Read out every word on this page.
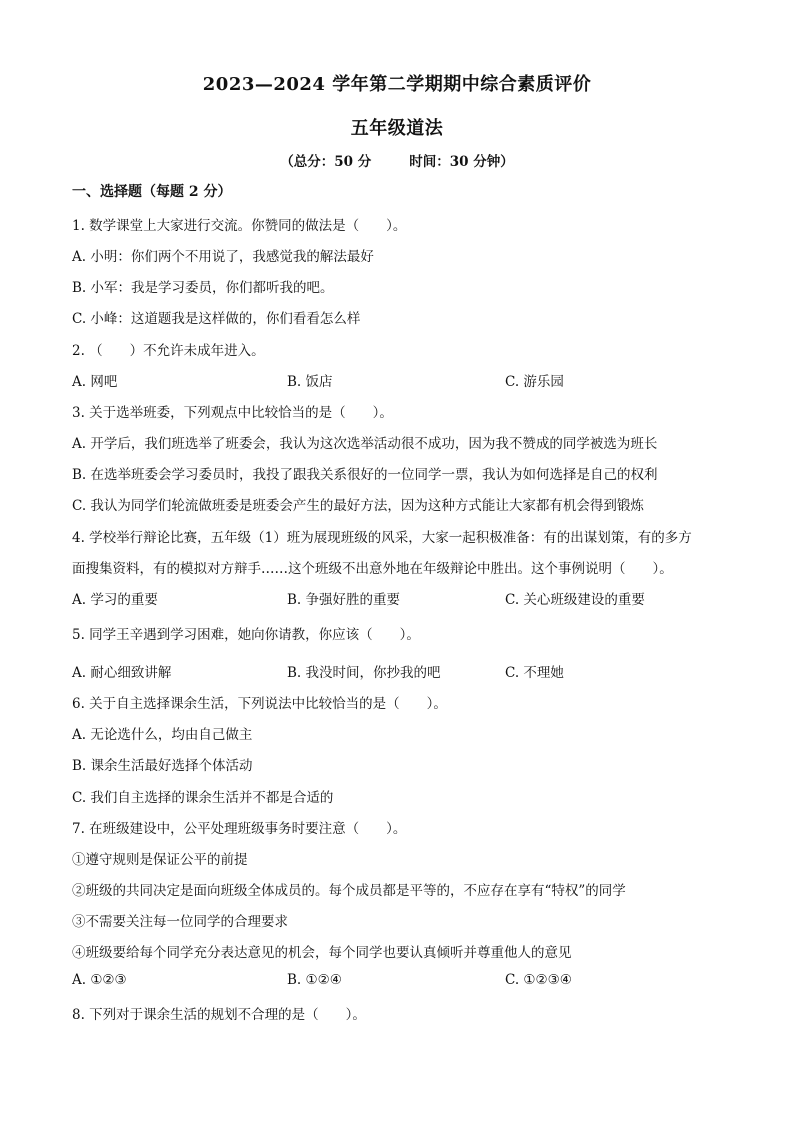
2023—2024 学年第二学期期中综合素质评价
五年级道法
（总分：50 分	时间：30 分钟）
一、选择题（每题 2 分）
1. 数学课堂上大家进行交流。你赞同的做法是（　　）。
A. 小明：你们两个不用说了，我感觉我的解法最好
B. 小军：我是学习委员，你们都听我的吧。
C. 小峰：这道题我是这样做的，你们看看怎么样
2. （　　）不允许未成年进入。
A. 网吧	B. 饭店	C. 游乐园
3. 关于选举班委，下列观点中比较恰当的是（　　）。
A. 开学后，我们班选举了班委会，我认为这次选举活动很不成功，因为我不赞成的同学被选为班长
B. 在选举班委会学习委员时，我投了跟我关系很好的一位同学一票，我认为如何选择是自己的权利
C. 我认为同学们轮流做班委是班委会产生的最好方法，因为这种方式能让大家都有机会得到锻炼
4. 学校举行辩论比赛，五年级（1）班为展现班级的风采，大家一起积极准备：有的出谋划策，有的多方
面搜集资料，有的模拟对方辩手……这个班级不出意外地在年级辩论中胜出。这个事例说明（　　）。
A. 学习的重要	B. 争强好胜的重要	C. 关心班级建设的重要
5. 同学王辛遇到学习困难，她向你请教，你应该（　　）。
A. 耐心细致讲解	B. 我没时间，你抄我的吧	C. 不理她
6. 关于自主选择课余生活，下列说法中比较恰当的是（　　）。
A. 无论选什么，均由自己做主
B. 课余生活最好选择个体活动
C. 我们自主选择的课余生活并不都是合适的
7. 在班级建设中，公平处理班级事务时要注意（　　）。
①遵守规则是保证公平的前提
②班级的共同决定是面向班级全体成员的。每个成员都是平等的，不应存在享有“特权”的同学
③不需要关注每一位同学的合理要求
④班级要给每个同学充分表达意见的机会，每个同学也要认真倾听并尊重他人的意见
A. ①②③	B. ①②④	C. ①②③④
8. 下列对于课余生活的规划不合理的是（　　）。
